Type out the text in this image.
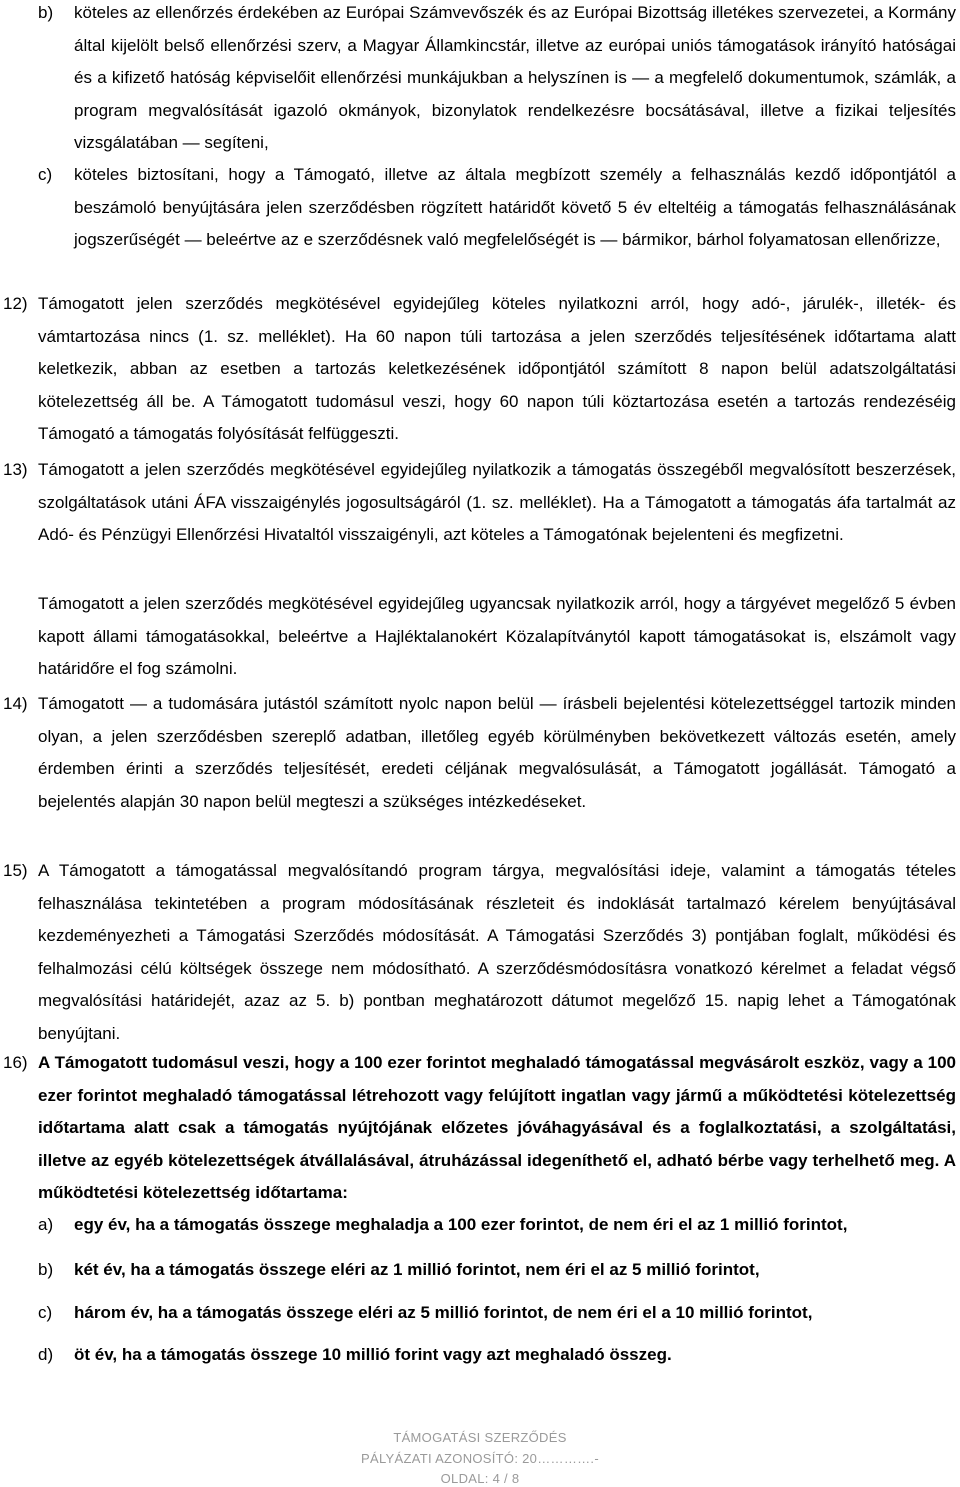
b) köteles az ellenőrzés érdekében az Európai Számvevőszék és az Európai Bizottság illetékes szervezetei, a Kormány által kijelölt belső ellenőrzési szerv, a Magyar Államkincstár, illetve az európai uniós támogatások irányító hatóságai és a kifizető hatóság képviselőit ellenőrzési munkájukban a helyszínen is — a megfelelő dokumentumok, számlák, a program megvalósítását igazoló okmányok, bizonylatok rendelkezésre bocsátásával, illetve a fizikai teljesítés vizsgálatában — segíteni,

c) köteles biztosítani, hogy a Támogató, illetve az általa megbízott személy a felhasználás kezdő időpontjától a beszámoló benyújtására jelen szerződésben rögzített határidőt követő 5 év elteltéig a támogatás felhasználásának jogszerűségét — beleértve az e szerződésnek való megfelelőségét is — bármikor, bárhol folyamatosan ellenőrizze,

12) Támogatott jelen szerződés megkötésével egyidejűleg köteles nyilatkozni arról, hogy adó-, járulék-, illeték- és vámtartozása nincs (1. sz. melléklet). Ha 60 napon túli tartozása a jelen szerződés teljesítésének időtartama alatt keletkezik, abban az esetben a tartozás keletkezésének időpontjától számított 8 napon belül adatszolgáltatási kötelezettség áll be. A Támogatott tudomásul veszi, hogy 60 napon túli köztartozása esetén a tartozás rendezéséig Támogató a támogatás folyósítását felfüggeszti.

13) Támogatott a jelen szerződés megkötésével egyidejűleg nyilatkozik a támogatás összegéből megvalósított beszerzések, szolgáltatások utáni ÁFA visszaigénylés jogosultságáról (1. sz. melléklet). Ha a Támogatott a támogatás áfa tartalmát az Adó- és Pénzügyi Ellenőrzési Hivataltól visszaigényli, azt köteles a Támogatónak bejelenteni és megfizetni.

Támogatott a jelen szerződés megkötésével egyidejűleg ugyancsak nyilatkozik arról, hogy a tárgyévet megelőző 5 évben kapott állami támogatásokkal, beleértve a Hajléktalanokért Közalapítványtól kapott támogatásokat is, elszámolt vagy határidőre el fog számolni.

14) Támogatott — a tudomására jutástól számított nyolc napon belül — írásbeli bejelentési kötelezettséggel tartozik minden olyan, a jelen szerződésben szereplő adatban, illetőleg egyéb körülményben bekövetkezett változás esetén, amely érdemben érinti a szerződés teljesítését, eredeti céljának megvalósulását, a Támogatott jogállását. Támogató a bejelentés alapján 30 napon belül megteszi a szükséges intézkedéseket.

15) A Támogatott a támogatással megvalósítandó program tárgya, megvalósítási ideje, valamint a támogatás tételes felhasználása tekintetében a program módosításának részleteit és indoklását tartalmazó kérelem benyújtásával kezdeményezheti a Támogatási Szerződés módosítását. A Támogatási Szerződés 3) pontjában foglalt, működési és felhalmozási célú költségek összege nem módosítható. A szerződésmódosításra vonatkozó kérelmet a feladat végső megvalósítási határidejét, azaz az 5. b) pontban meghatározott dátumot megelőző 15. napig lehet a Támogatónak benyújtani.

16) A Támogatott tudomásul veszi, hogy a 100 ezer forintot meghaladó támogatással megvásárolt eszköz, vagy a 100 ezer forintot meghaladó támogatással létrehozott vagy felújított ingatlan vagy jármű a működtetési kötelezettség időtartama alatt csak a támogatás nyújtójának előzetes jóváhagyásával és a foglalkoztatási, a szolgáltatási, illetve az egyéb kötelezettségek átvállalásával, átruházással idegeníthető el, adható bérbe vagy terhelhető meg. A működtetési kötelezettség időtartama:

a) egy év, ha a támogatás összege meghaladja a 100 ezer forintot, de nem éri el az 1 millió forintot,

b) két év, ha a támogatás összege eléri az 1 millió forintot, nem éri el az 5 millió forintot,

c) három év, ha a támogatás összege eléri az 5 millió forintot, de nem éri el a 10 millió forintot,

d) öt év, ha a támogatás összege 10 millió forint vagy azt meghaladó összeg.

TÁMOGATÁSI SZERZŐDÉS
PÁLYÁZATI AZONOSÍTÓ: 20………….-
OLDAL: 4 / 8
